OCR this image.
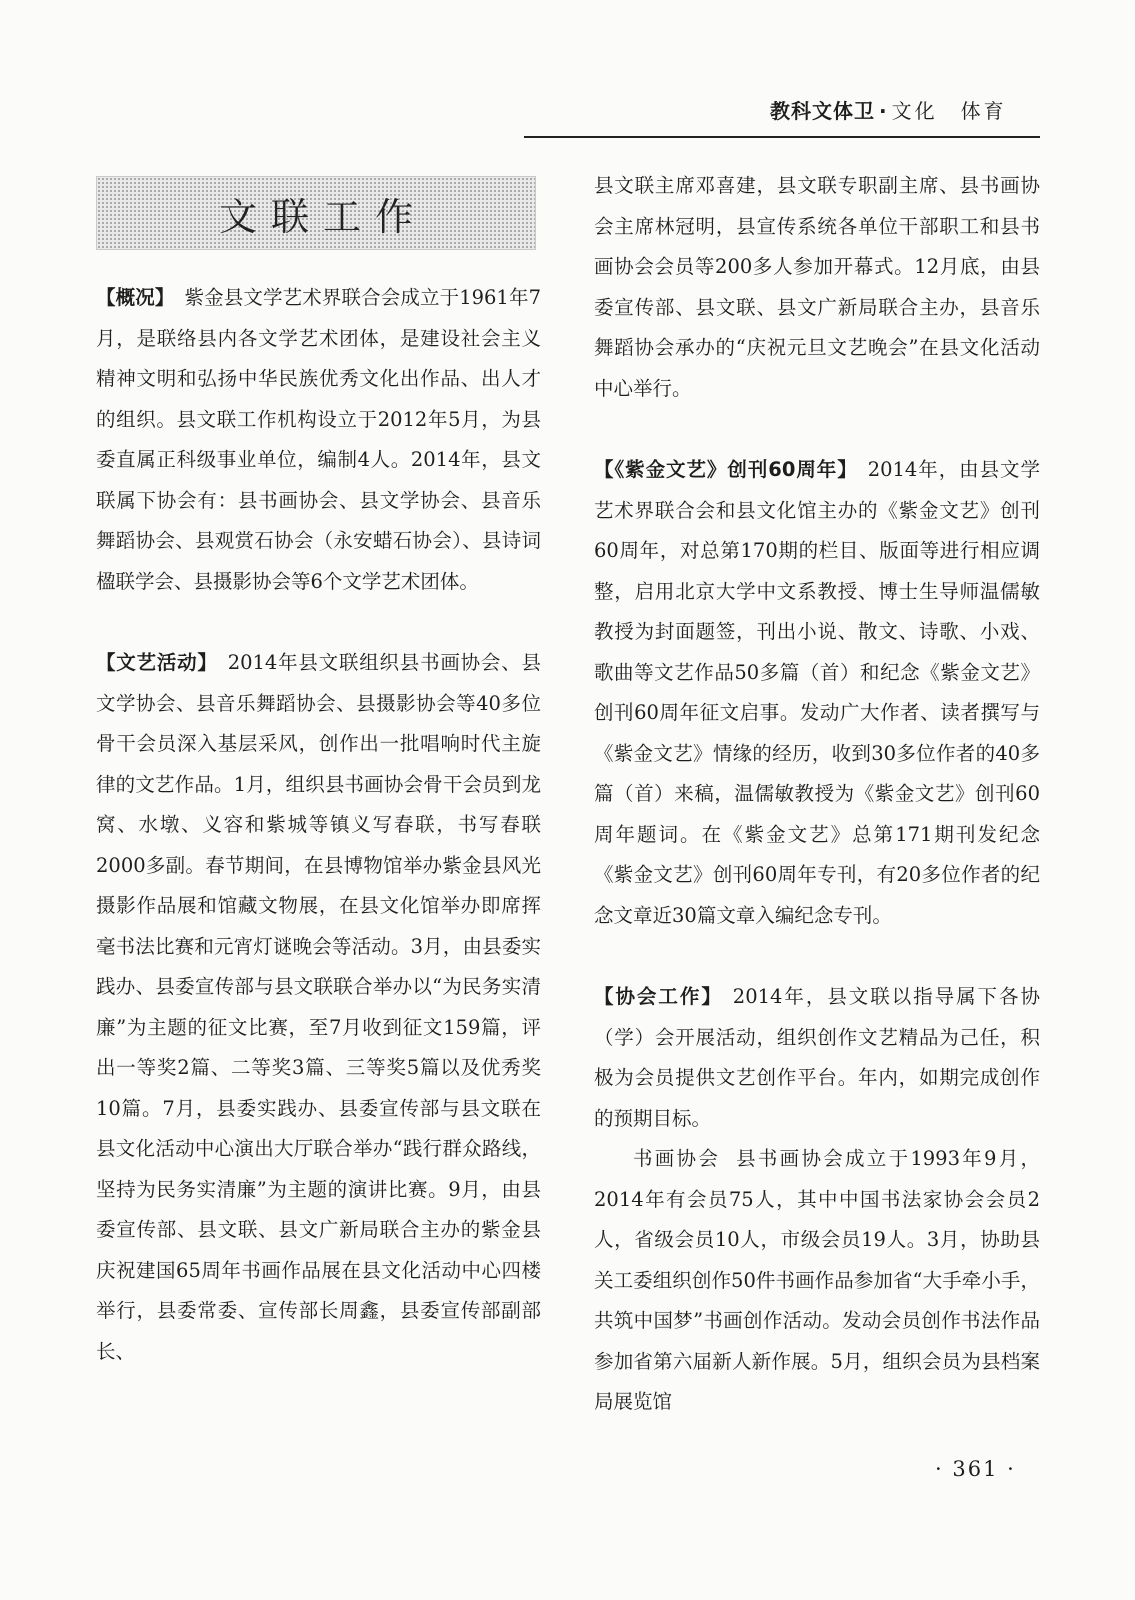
教科文体卫 · 文化　体育
文联工作

【概况】 紫金县文学艺术界联合会成立于1961年7月，是联络县内各文学艺术团体，是建设社会主义精神文明和弘扬中华民族优秀文化出作品、出人才的组织。县文联工作机构设立于2012年5月，为县委直属正科级事业单位，编制4人。2014年，县文联属下协会有：县书画协会、县文学协会、县音乐舞蹈协会、县观赏石协会（永安蜡石协会）、县诗词楹联学会、县摄影协会等6个文学艺术团体。

【文艺活动】 2014年县文联组织县书画协会、县文学协会、县音乐舞蹈协会、县摄影协会等40多位骨干会员深入基层采风，创作出一批唱响时代主旋律的文艺作品。1月，组织县书画协会骨干会员到龙窝、水墩、义容和紫城等镇义写春联，书写春联2000多副。春节期间，在县博物馆举办紫金县风光摄影作品展和馆藏文物展，在县文化馆举办即席挥毫书法比赛和元宵灯谜晚会等活动。3月，由县委实践办、县委宣传部与县文联联合举办以“为民务实清廉”为主题的征文比赛，至7月收到征文159篇，评出一等奖2篇、二等奖3篇、三等奖5篇以及优秀奖10篇。7月，县委实践办、县委宣传部与县文联在县文化活动中心演出大厅联合举办“践行群众路线，坚持为民务实清廉”为主题的演讲比赛。9月，由县委宣传部、县文联、县文广新局联合主办的紫金县庆祝建国65周年书画作品展在县文化活动中心四楼举行，县委常委、宣传部长周鑫，县委宣传部副部长、

县文联主席邓喜建，县文联专职副主席、县书画协会主席林冠明，县宣传系统各单位干部职工和县书画协会会员等200多人参加开幕式。12月底，由县委宣传部、县文联、县文广新局联合主办，县音乐舞蹈协会承办的“庆祝元旦文艺晚会”在县文化活动中心举行。

【《紫金文艺》创刊60周年】 2014年，由县文学艺术界联合会和县文化馆主办的《紫金文艺》创刊60周年，对总第170期的栏目、版面等进行相应调整，启用北京大学中文系教授、博士生导师温儒敏教授为封面题签，刊出小说、散文、诗歌、小戏、歌曲等文艺作品50多篇（首）和纪念《紫金文艺》创刊60周年征文启事。发动广大作者、读者撰写与《紫金文艺》情缘的经历，收到30多位作者的40多篇（首）来稿，温儒敏教授为《紫金文艺》创刊60周年题词。在《紫金文艺》总第171期刊发纪念《紫金文艺》创刊60周年专刊，有20多位作者的纪念文章近30篇文章入编纪念专刊。

【协会工作】 2014年，县文联以指导属下各协（学）会开展活动，组织创作文艺精品为己任，积极为会员提供文艺创作平台。年内，如期完成创作的预期目标。

书画协会 县书画协会成立于1993年9月，2014年有会员75人，其中中国书法家协会会员2人，省级会员10人，市级会员19人。3月，协助县关工委组织创作50件书画作品参加省“大手牵小手，共筑中国梦”书画创作活动。发动会员创作书法作品参加省第六届新人新作展。5月，组织会员为县档案局展览馆

· 361 ·
